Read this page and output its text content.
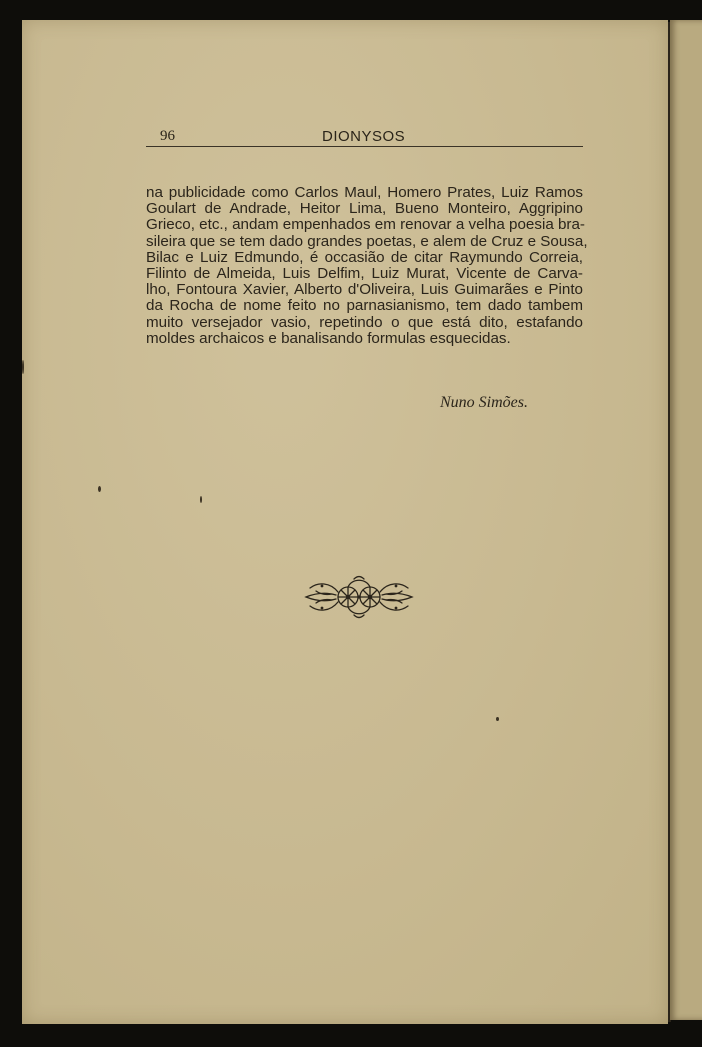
96	DIONYSOS
na publicidade como Carlos Maul, Homero Prates, Luiz Ramos
Goulart de Andrade, Heitor Lima, Bueno Monteiro, Aggripino
Grieco, etc., andam empenhados em renovar a velha poesia bra-
sileira que se tem dado grandes poetas, e alem de Cruz e Sousa,
Bilac e Luiz Edmundo, é occasião de citar Raymundo Correia,
Filinto de Almeida, Luis Delfim, Luiz Murat, Vicente de Carva-
lho, Fontoura Xavier, Alberto d'Oliveira, Luis Guimarães e Pinto
da Rocha de nome feito no parnasianismo, tem dado tambem
muito versejador vasio, repetindo o que está dito, estafando
moldes archaicos e banalisando formulas esquecidas.
Nuno Simões.
